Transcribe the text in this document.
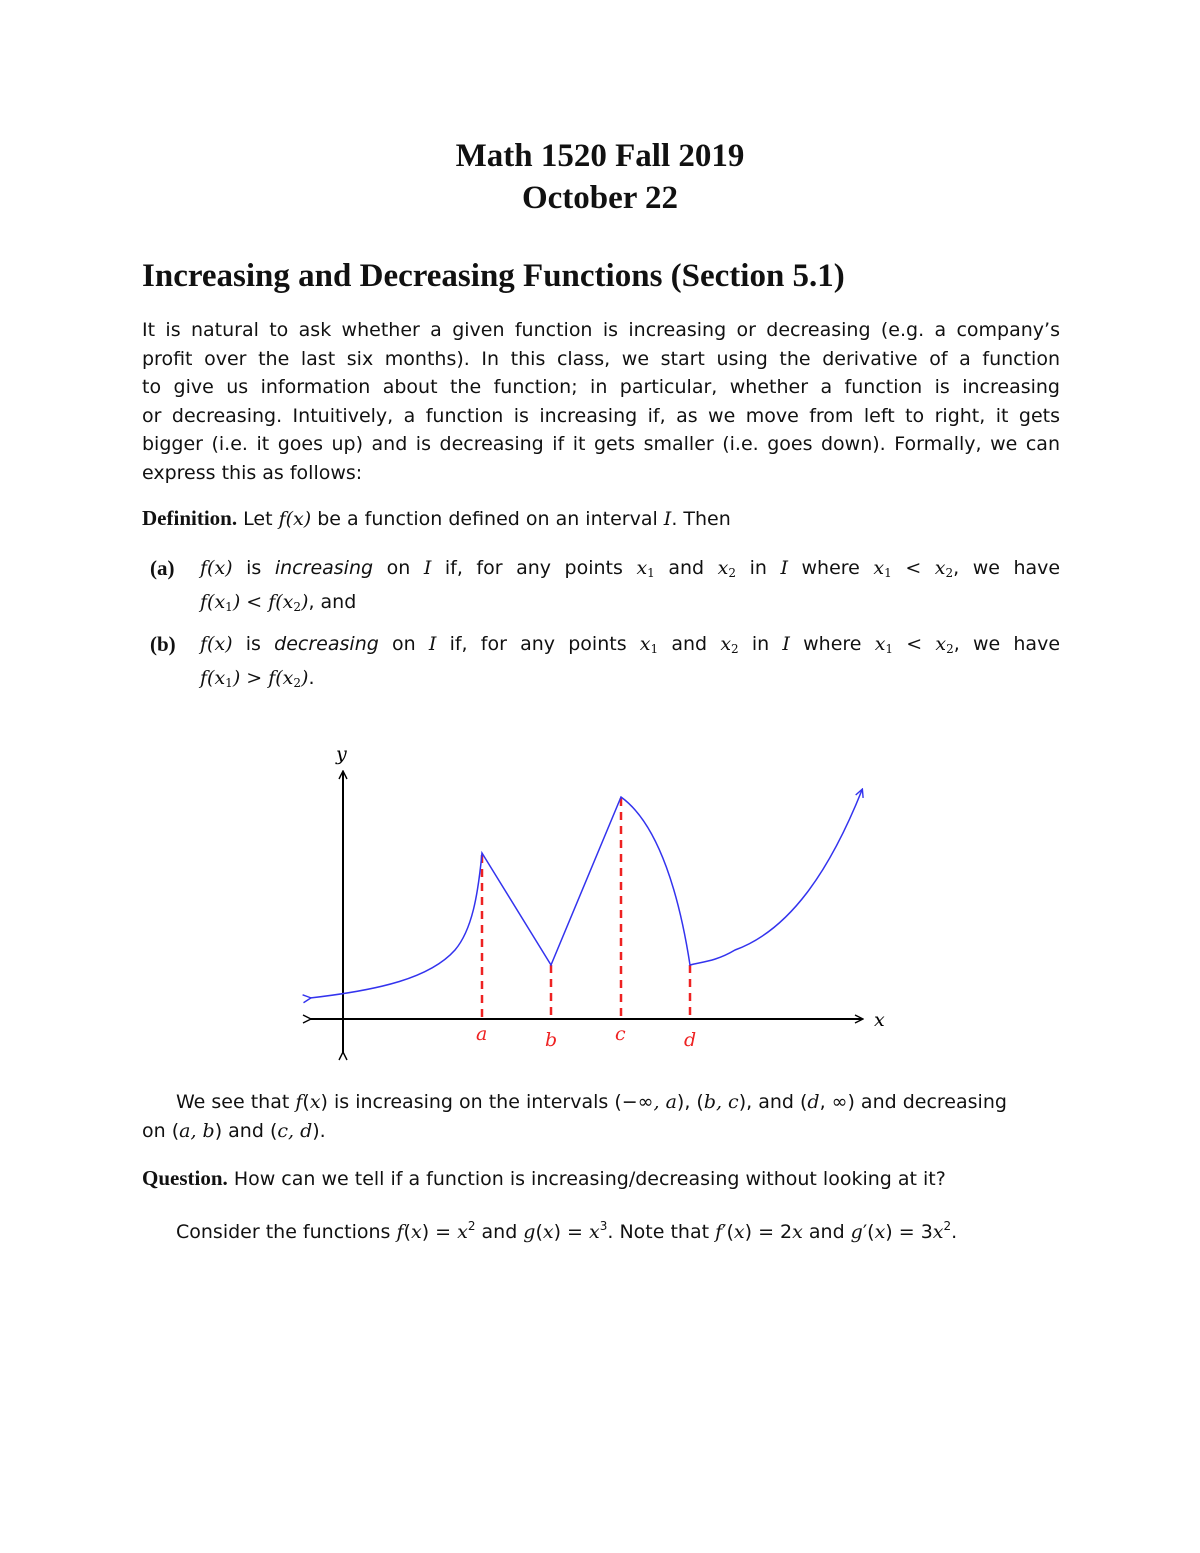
Math 1520 Fall 2019
October 22
Increasing and Decreasing Functions (Section 5.1)
It is natural to ask whether a given function is increasing or decreasing (e.g. a company’s
profit over the last six months). In this class, we start using the derivative of a function
to give us information about the function; in particular, whether a function is increasing
or decreasing. Intuitively, a function is increasing if, as we move from left to right, it gets
bigger (i.e. it goes up) and is decreasing if it gets smaller (i.e. goes down). Formally, we can
express this as follows:
Definition. Let f(x) be a function defined on an interval I. Then
(a) f(x) is increasing on I if, for any points $x_1$ and $x_2$ in I where $x_1 < x_2$, we have
$f(x_1) < f(x_2)$, and
(b) f(x) is decreasing on I if, for any points $x_1$ and $x_2$ in I where $x_1 < x_2$, we have
$f(x_1) > f(x_2)$.
y
x
a	b	c	d
We see that f(x) is increasing on the intervals (−∞, a), (b, c), and (d, ∞) and decreasing
on (a, b) and (c, d).
Question. How can we tell if a function is increasing/decreasing without looking at it?
Consider the functions $f(x) = x^2$ and $g(x) = x^3$. Note that f′(x) = 2x and $g'(x) = 3x^2$.
